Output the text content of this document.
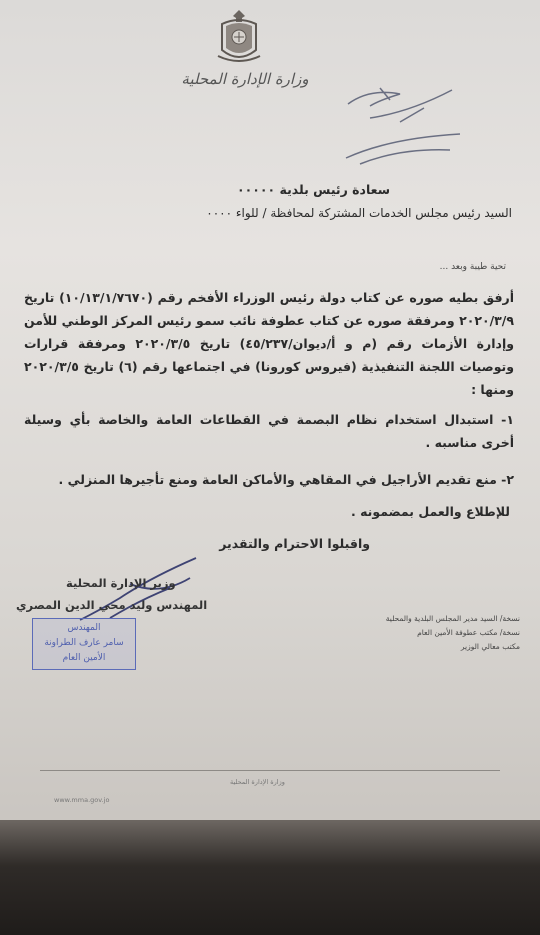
وزارة الإدارة المحلية
سعادة رئيس بلدية ٠٠٠٠٠
السيد رئيس مجلس الخدمات المشتركة لمحافظة / للواء ٠٠٠٠
تحية طيبة وبعد ...
أرفق بطيه صوره عن كتاب دولة رئيس الوزراء الأفخم رقم (١٠/١٣/١/٧٦٧٠) تاريخ ٢٠٢٠/٣/٩ ومرفقة صوره عن كتاب عطوفة نائب سمو رئيس المركز الوطني للأمن وإدارة الأزمات رقم (م و أ/ديوان/٤٥/٢٣٧) تاريخ ٢٠٢٠/٣/٥ ومرفقة قرارات وتوصيات اللجنة التنفيذية (فيروس كورونا) في اجتماعها رقم (٦) تاريخ ٢٠٢٠/٣/٥ ومنها :
١- استبدال استخدام نظام البصمة في القطاعات العامة والخاصة بأي وسيلة أخرى مناسبه .
٢- منع تقديم الأراجيل في المقاهي والأماكن العامة ومنع تأجيرها المنزلي .
للإطلاع والعمل بمضمونه .
واقبلوا الاحترام والتقدير
وزير الإدارة المحلية
المهندس وليد محي الدين المصري
المهندس
سامر عارف الطراونة
الأمين العام
نسخة/ السيد مدير المجلس البلدية والمحلية
نسخة/ مكتب عطوفة الأمين العام
مكتب معالي الوزير
وزارة الإدارة المحلية
www.mma.gov.jo
